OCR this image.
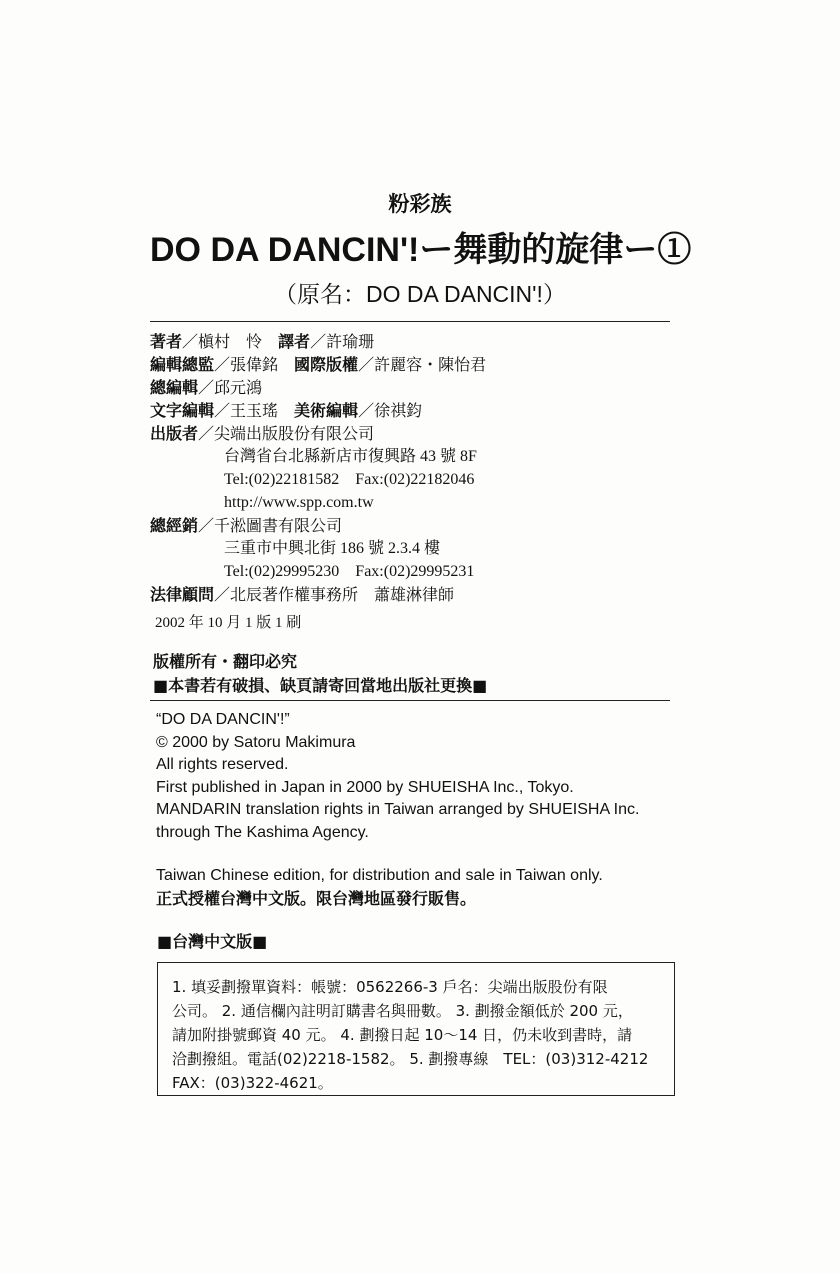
粉彩族
DO DA DANCIN'!ー舞動的旋律ー①
（原名：DO DA DANCIN'!）
著者／槇村　怜　 譯者／許瑜珊
編輯總監／張偉銘　 國際版權／許麗容・陳怡君
總編輯／邱元鴻
文字編輯／王玉瑤　 美術編輯／徐祺鈞
出版者／尖端出版股份有限公司
台灣省台北縣新店市復興路 43 號 8F
Tel:(02)22181582　Fax:(02)22182046
http://www.spp.com.tw
總經銷／千淞圖書有限公司
三重市中興北街 186 號 2.3.4 樓
Tel:(02)29995230　Fax:(02)29995231
法律顧問／北辰著作權事務所　蕭雄淋律師
2002 年 10 月 1 版 1 刷
版權所有・翻印必究
■本書若有破損、缺頁請寄回當地出版社更換■
“DO DA DANCIN'!”
© 2000 by Satoru Makimura
All rights reserved.
First published in Japan in 2000 by SHUEISHA Inc., Tokyo.
MANDARIN translation rights in Taiwan arranged by SHUEISHA Inc.
through The Kashima Agency.
Taiwan Chinese edition, for distribution and sale in Taiwan only.
正式授權台灣中文版。限台灣地區發行販售。
■台灣中文版■
1. 填妥劃撥單資料：帳號：0562266-3 戶名：尖端出版股份有限
公司。 2. 通信欄內註明訂購書名與冊數。 3. 劃撥金額低於 200 元，
請加附掛號郵資 40 元。 4. 劃撥日起 10～14 日，仍未收到書時，請
洽劃撥組。電話(02)2218-1582。 5. 劃撥專線　TEL：(03)312-4212
FAX：(03)322-4621。
